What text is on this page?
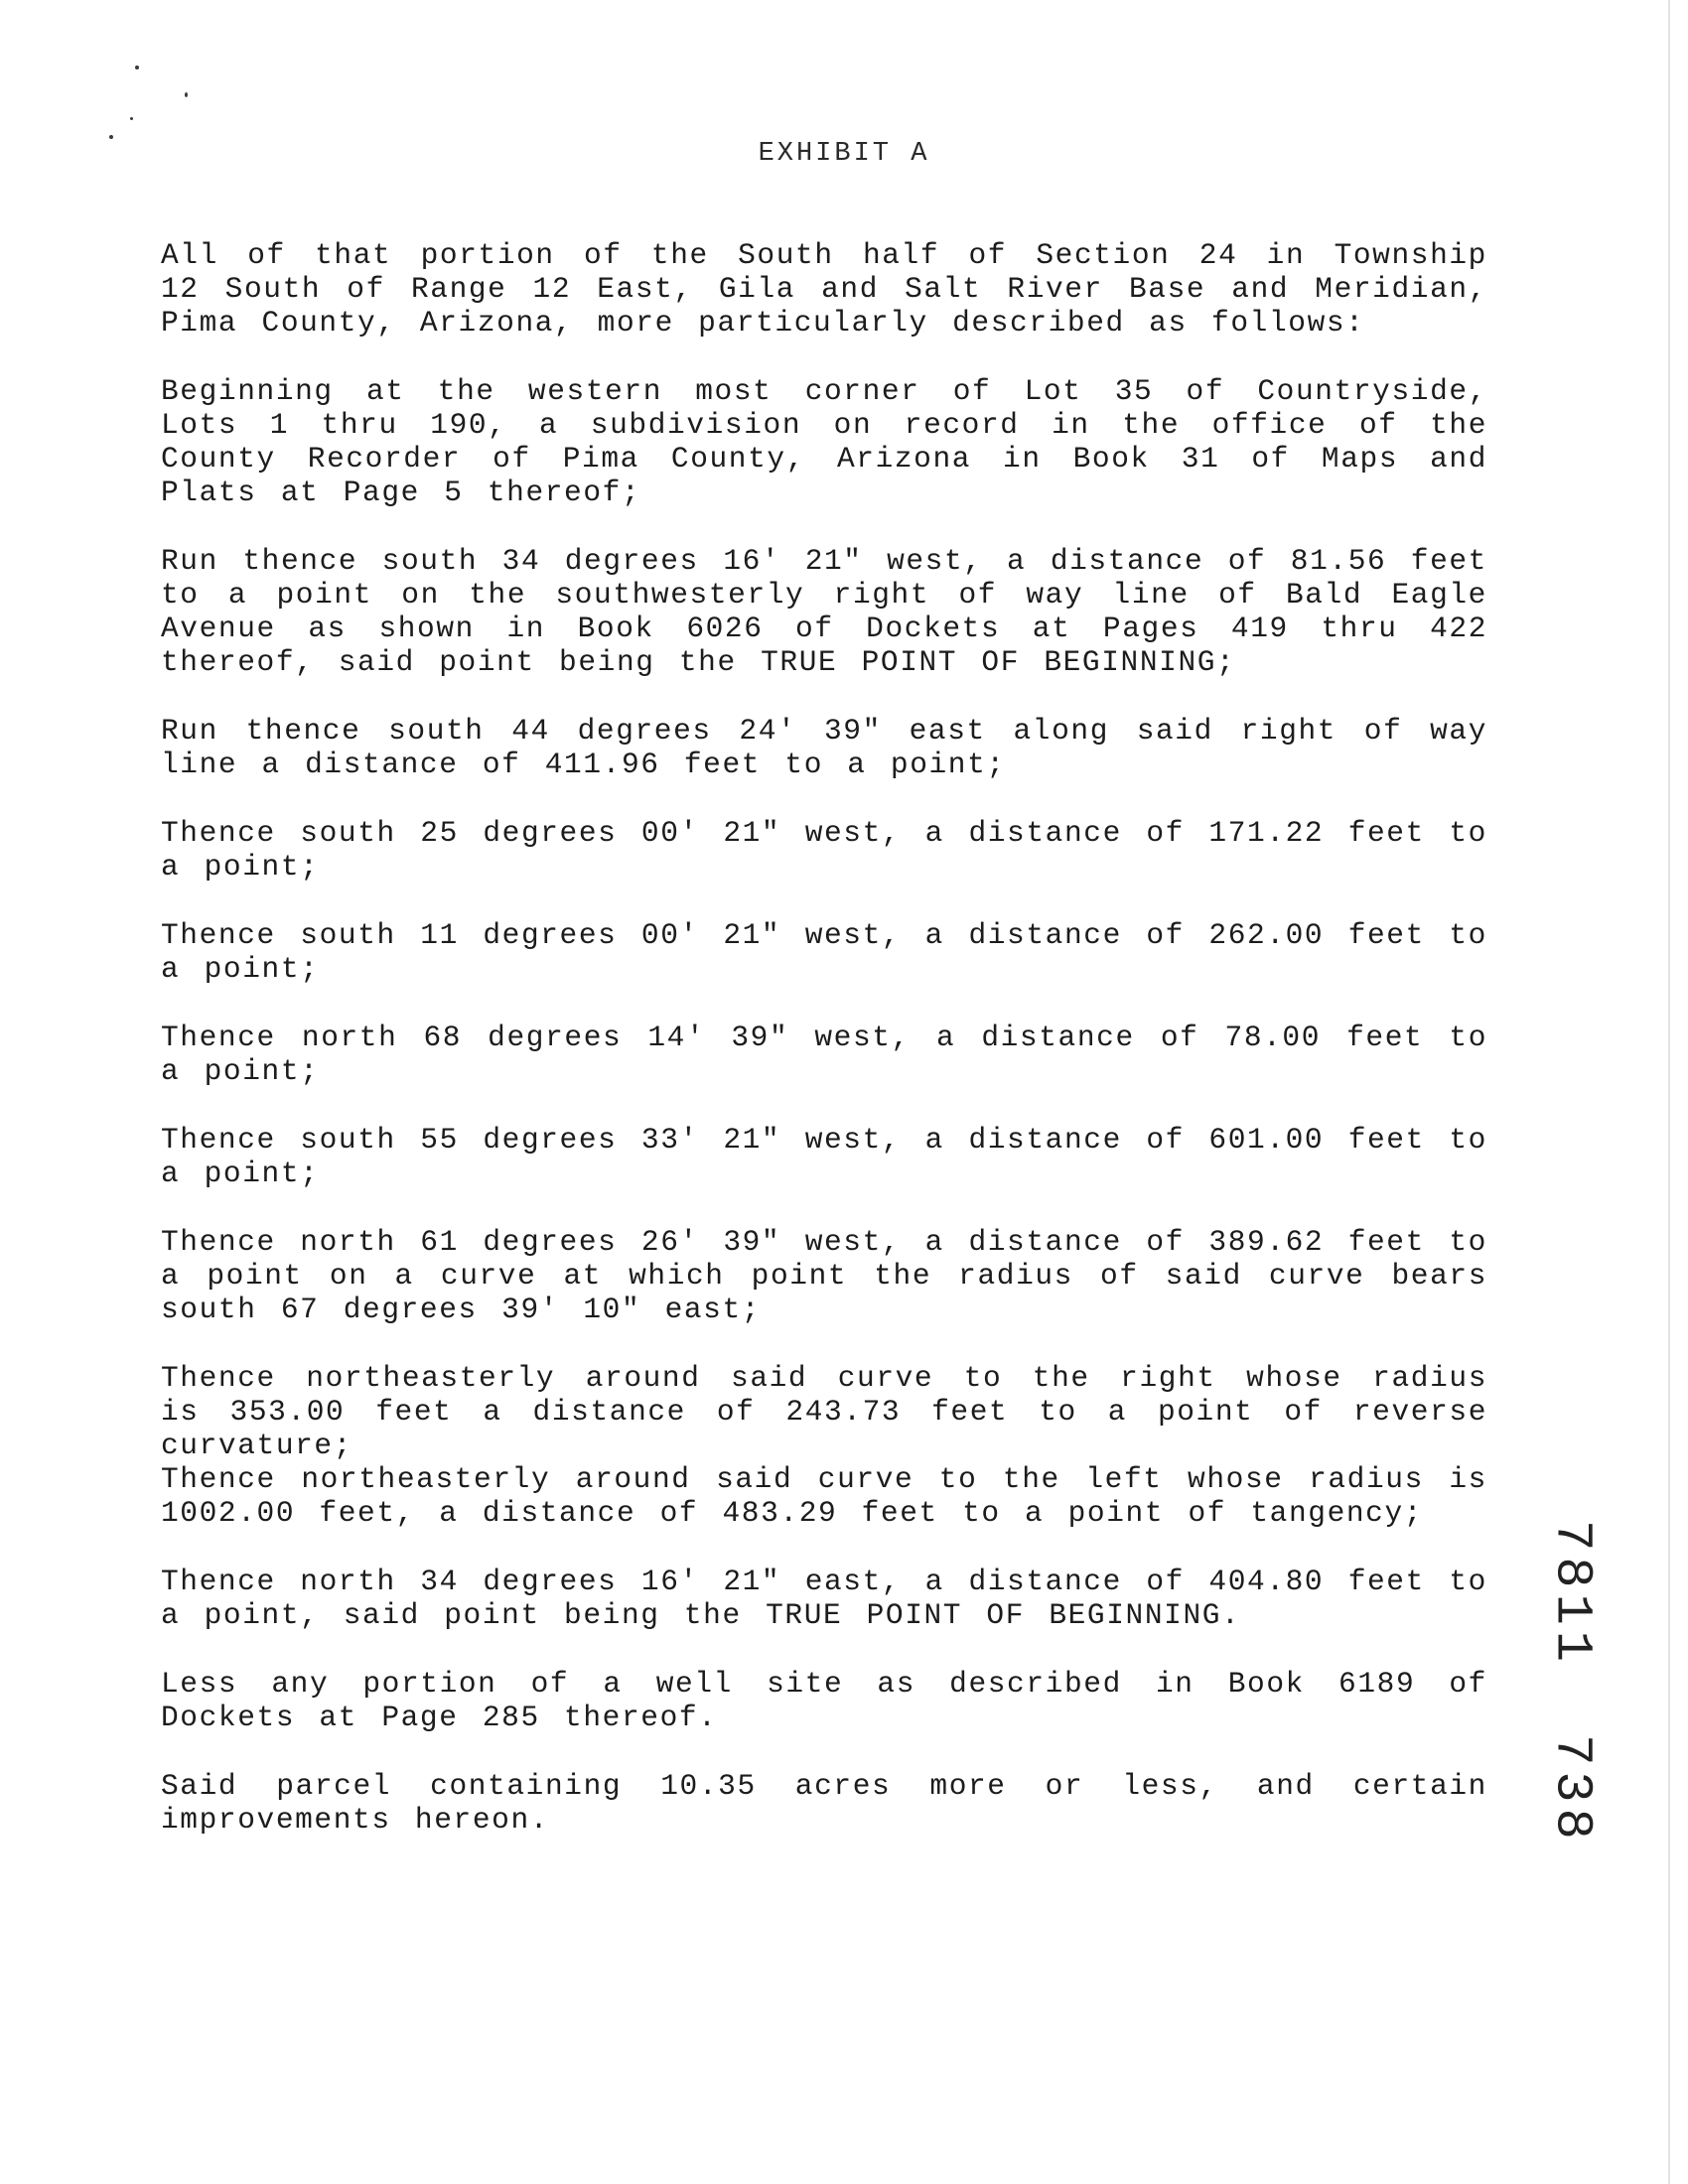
EXHIBIT A

All of that portion of the South half of Section 24 in Township 12 South of Range 12 East, Gila and Salt River Base and Meridian, Pima County, Arizona, more particularly described as follows:

Beginning at the western most corner of Lot 35 of Countryside, Lots 1 thru 190, a subdivision on record in the office of the County Recorder of Pima County, Arizona in Book 31 of Maps and Plats at Page 5 thereof;

Run thence south 34 degrees 16' 21" west, a distance of 81.56 feet to a point on the southwesterly right of way line of Bald Eagle Avenue as shown in Book 6026 of Dockets at Pages 419 thru 422 thereof, said point being the TRUE POINT OF BEGINNING;

Run thence south 44 degrees 24' 39" east along said right of way line a distance of 411.96 feet to a point;

Thence south 25 degrees 00' 21" west, a distance of 171.22 feet to a point;

Thence south 11 degrees 00' 21" west, a distance of 262.00 feet to a point;

Thence north 68 degrees 14' 39" west, a distance of 78.00 feet to a point;

Thence south 55 degrees 33' 21" west, a distance of 601.00 feet to a point;

Thence north 61 degrees 26' 39" west, a distance of 389.62 feet to a point on a curve at which point the radius of said curve bears south 67 degrees 39' 10" east;

Thence northeasterly around said curve to the right whose radius is 353.00 feet a distance of 243.73 feet to a point of reverse curvature;

Thence northeasterly around said curve to the left whose radius is 1002.00 feet, a distance of 483.29 feet to a point of tangency;

Thence north 34 degrees 16' 21" east, a distance of 404.80 feet to a point, said point being the TRUE POINT OF BEGINNING.

Less any portion of a well site as described in Book 6189 of Dockets at Page 285 thereof.

Said parcel containing 10.35 acres more or less, and certain improvements hereon.	7811 738
